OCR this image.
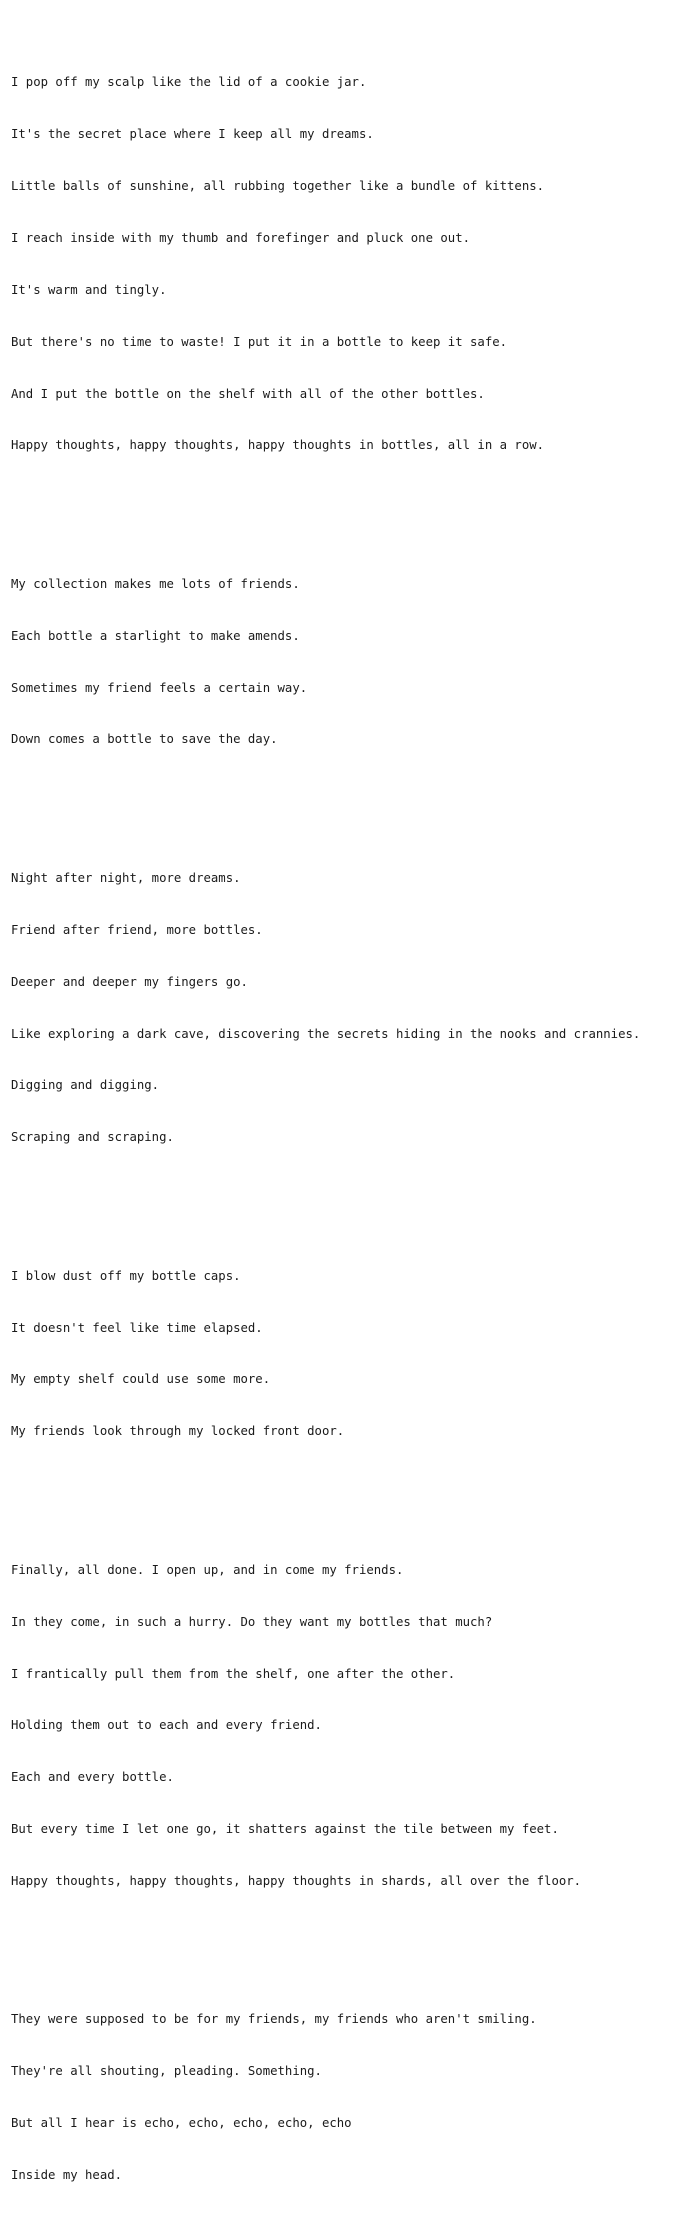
I pop off my scalp like the lid of a cookie jar.

It's the secret place where I keep all my dreams.

Little balls of sunshine, all rubbing together like a bundle of kittens.

I reach inside with my thumb and forefinger and pluck one out.

It's warm and tingly.

But there's no time to waste! I put it in a bottle to keep it safe.

And I put the bottle on the shelf with all of the other bottles.

Happy thoughts, happy thoughts, happy thoughts in bottles, all in a row.

My collection makes me lots of friends.

Each bottle a starlight to make amends.

Sometimes my friend feels a certain way.

Down comes a bottle to save the day.

Night after night, more dreams.

Friend after friend, more bottles.

Deeper and deeper my fingers go.

Like exploring a dark cave, discovering the secrets hiding in the nooks and crannies.

Digging and digging.

Scraping and scraping.

I blow dust off my bottle caps.

It doesn't feel like time elapsed.

My empty shelf could use some more.

My friends look through my locked front door.

Finally, all done. I open up, and in come my friends.

In they come, in such a hurry. Do they want my bottles that much?

I frantically pull them from the shelf, one after the other.

Holding them out to each and every friend.

Each and every bottle.

But every time I let one go, it shatters against the tile between my feet.

Happy thoughts, happy thoughts, happy thoughts in shards, all over the floor.

They were supposed to be for my friends, my friends who aren't smiling.

They're all shouting, pleading. Something.

But all I hear is echo, echo, echo, echo, echo

Inside my head.
